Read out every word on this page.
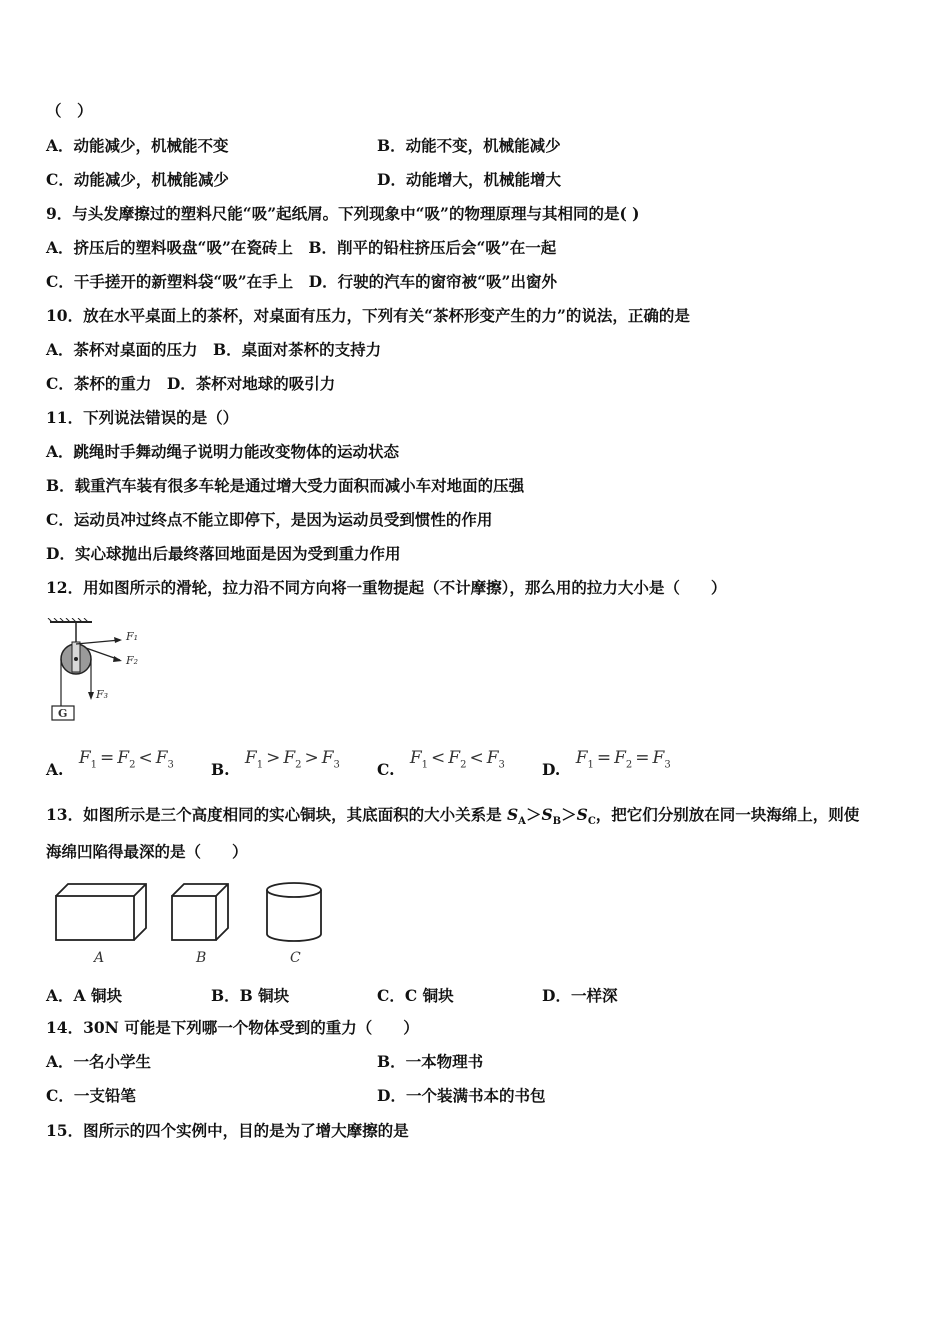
（　）
A．动能减少，机械能不变	B．动能不变，机械能减少
C．动能减少，机械能减少	D．动能增大，机械能增大
9．与头发摩擦过的塑料尺能“吸”起纸屑。下列现象中“吸”的物理原理与其相同的是( )
A．挤压后的塑料吸盘“吸”在瓷砖上　B．削平的铅柱挤压后会“吸”在一起
C．干手搓开的新塑料袋“吸”在手上　D．行驶的汽车的窗帘被“吸”出窗外
10．放在水平桌面上的茶杯，对桌面有压力，下列有关“茶杯形变产生的力”的说法，正确的是
A．茶杯对桌面的压力　B．桌面对茶杯的支持力
C．茶杯的重力　D．茶杯对地球的吸引力
11．下列说法错误的是（）
A．跳绳时手舞动绳子说明力能改变物体的运动状态
B．载重汽车装有很多车轮是通过增大受力面积而减小车对地面的压强
C．运动员冲过终点不能立即停下，是因为运动员受到惯性的作用
D．实心球抛出后最终落回地面是因为受到重力作用
12．用如图所示的滑轮，拉力沿不同方向将一重物提起（不计摩擦），那么用的拉力大小是（　　）
F₁
F₂
F₃
G
A. $F_1 = F_2 < F_3$ B. $F_1 > F_2 > F_3$ C. $F_1 < F_2 < F_3$ D. $F_1 = F_2 = F_3$
13．如图所示是三个高度相同的实心铜块，其底面积的大小关系是 $S_A>S_B>S_C$，把它们分别放在同一块海绵上，则使
海绵凹陷得最深的是（　　）
A	B	C
A．A 铜块	B．B 铜块	C．C 铜块	D．一样深
14．30N 可能是下列哪一个物体受到的重力（　　）
A．一名小学生	B．一本物理书
C．一支铅笔	D．一个装满书本的书包
15．图所示的四个实例中，目的是为了增大摩擦的是
